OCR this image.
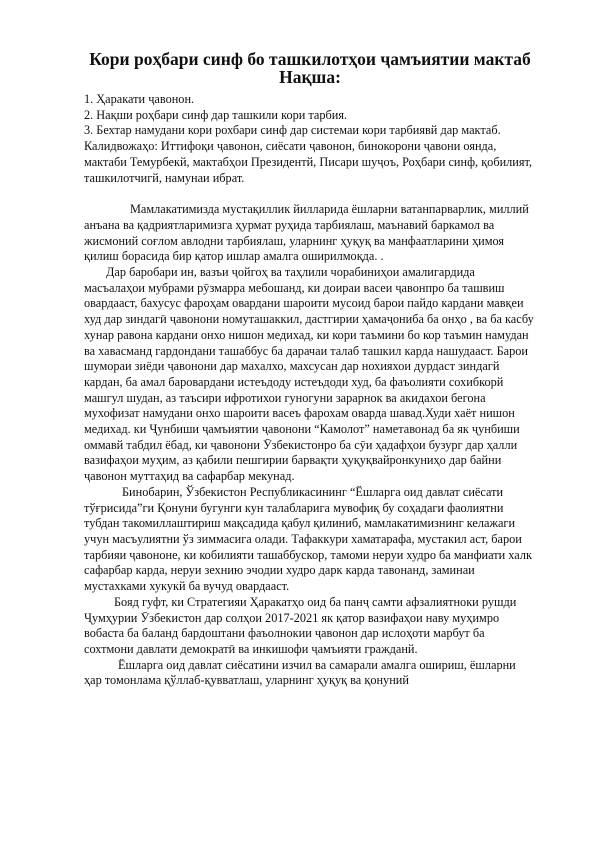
Кори роҳбари синф бо ташкилотҳои ҷамъиятии мактаб
Нақша:

1. Ҳаракати ҷавонон.

2. Нақши роҳбари синф дар ташкили кори тарбия.

3. Бехтар намудани кори рохбари синф дар системаи кори тарбиявй дар мактаб.

Калидвожаҳо: Иттифоқи ҷавонон, сиёсати ҷавонон, бинокорони ҷавони ояндa, мактаби Темурбекй, мактабҳои Президентй, Писари шуҷоъ, Роҳбари синф, қобилият, ташкилотчигй, намунаи ибрат.

Мамлакатимизда мустақиллик йилларида ёшларни ватанпарварлик, миллий анъана ва қадриятларимизга ҳурмат руҳида тарбиялаш, маънавий баркамол ва жисмоний соғлом авлодни тарбиялаш, уларнинг ҳуқуқ ва манфаатларини ҳимоя қилиш борасида бир қатор ишлар амалга оширилмоқда. .

Дар баробари ин, вазъи ҷойгоҳ ва таҳлили чорабиниҳои амалигардида масъалаҳои мубрами рӯзмарра мебошанд, ки доираи васеи ҷавонпро ба ташвиш овардааст, бахусус фароҳам овардани шароити мусоид барои пайдо кардани мавқеи худ дар зиндагӣ ҷавонони номуташаккил, дастгирии ҳамаҷониба ба онҳо , ва ба касбу хунар равона кардани онхо нишон медихад, ки кори таъмини бо кор таъмин намудан ва хавасманд гардондани ташаббус ба дарачаи талаб ташкил карда нашудааст. Барои шумораи зиёди ҷавонони дар махалхо, махсусан дар нохияхои дурдаст зиндагй кардан, ба амал баровардани истеъдоду истеъдоди худ, ба фаъолияти сохибкорй машгул шудан, аз таъсири ифротихои гуногуни зарарнок ва акидахои бегона мухофизат намудани онхо шароити васеъ фарохам оварда шавад.Худи хаёт нишон медихад. ки Ҷунбиши ҷамъиятии ҷавонони “Камолот” наметавонад ба як ҷунбиши оммавй табдил ёбад, ки ҷавонони Ӯзбекистонро ба сӯи ҳадафҳои бузург дар ҳалли вазифаҳои муҳим, аз қабили пешгирии барвақти ҳуқуқвайронкуниҳо дар байни ҷавонон муттаҳид ва сафарбар мекунад.

Бинобарин, Ўзбекистон Республикасининг “Ёшларга оид давлат сиёсати тўғрисида”ги Қонуни бугунги кун талабларига мувофиқ бу соҳадаги фаолиятни тубдан такомиллаштириш мақсадида қабул қилиниб, мамлакатимизнинг келажаги учун масъулиятни ўз зиммасига олади. Тафаккури хаматарафа, мустакил аст, барои тарбияи ҷавононе, ки кобилияти ташаббускор, тамоми неруи худро ба манфиати халк сафарбар карда, неруи зехнию эчодии худро дарк карда тавонанд, заминаи мустахками хукукй ба вучуд овардааст.

Бояд гуфт, ки Стратегияи Ҳаракатҳо оид ба панҷ самти афзалиятноки рушди Ҷумҳурии Ӯзбекистон дар солҳои 2017-2021 як қатор вазифаҳои наву муҳимро вобаста ба баланд бардоштани фаъолнокии ҷавонон дар ислоҳоти марбут ба сохтмони давлати демократӣ ва инкишофи ҷамъияти гражданй.

Ёшларга оид давлат сиёсатини изчил ва самарали амалга ошириш, ёшларни ҳар томонлама қўллаб-қувватлаш, уларнинг ҳуқуқ ва қонуний
